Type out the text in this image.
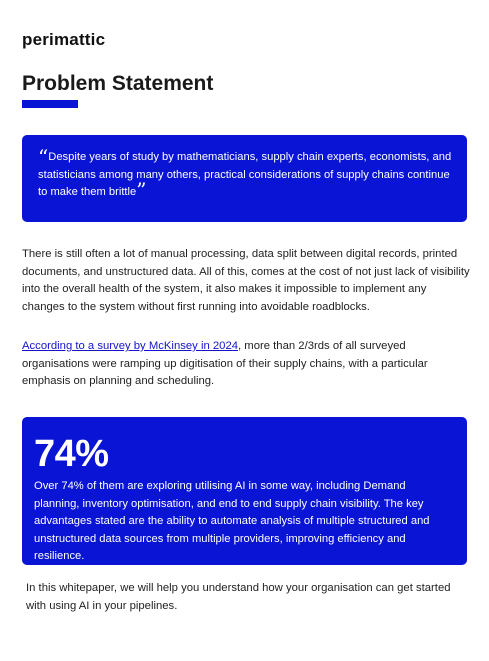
perimattic
Problem Statement
“Despite years of study by mathematicians, supply chain experts, economists, and statisticians among many others, practical considerations of supply chains continue to make them brittle”

There is still often a lot of manual processing, data split between digital records, printed documents, and unstructured data. All of this, comes at the cost of not just lack of visibility into the overall health of the system, it also makes it impossible to implement any changes to the system without first running into avoidable roadblocks.

According to a survey by McKinsey in 2024, more than 2/3rds of all surveyed organisations were ramping up digitisation of their supply chains, with a particular emphasis on planning and scheduling.

74%

Over 74% of them are exploring utilising AI in some way, including Demand planning, inventory optimisation, and end to end supply chain visibility. The key advantages stated are the ability to automate analysis of multiple structured and unstructured data sources from multiple providers, improving efficiency and resilience.

In this whitepaper, we will help you understand how your organisation can get started with using AI in your pipelines.
